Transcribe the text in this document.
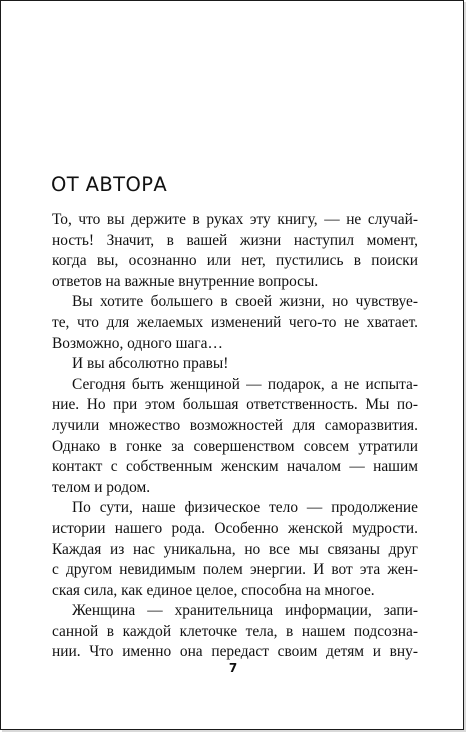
ОТ АВТОРА
То, что вы держите в руках эту книгу, — не случай-
ность! Значит, в вашей жизни наступил момент,
когда вы, осознанно или нет, пустились в поиски
ответов на важные внутренние вопросы.
Вы хотите большего в своей жизни, но чувствуе-
те, что для желаемых изменений чего-то не хватает.
Возможно, одного шага…
И вы абсолютно правы!
Сегодня быть женщиной — подарок, а не испыта-
ние. Но при этом большая ответственность. Мы по-
лучили множество возможностей для саморазвития.
Однако в гонке за совершенством совсем утратили
контакт с собственным женским началом — нашим
телом и родом.
По сути, наше физическое тело — продолжение
истории нашего рода. Особенно женской мудрости.
Каждая из нас уникальна, но все мы связаны друг
с другом невидимым полем энергии. И вот эта жен-
ская сила, как единое целое, способна на многое.
Женщина — хранительница информации, запи-
санной в каждой клеточке тела, в нашем подсозна-
нии. Что именно она передаст своим детям и вну-
7
